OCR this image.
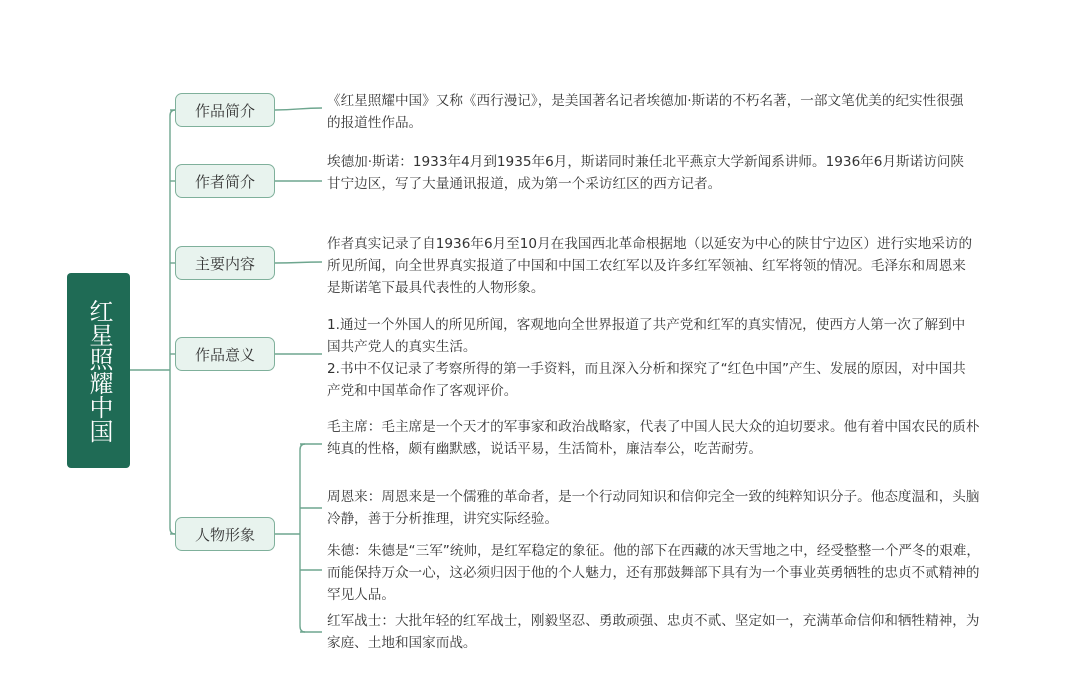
红星照耀中国
作品简介
作者简介
主要内容
作品意义
人物形象

《红星照耀中国》又称《西行漫记》，是美国著名记者埃德加·斯诺的不朽名著，一部文笔优美的纪实性很强的报道性作品。

埃德加·斯诺：1933年4月到1935年6月，斯诺同时兼任北平燕京大学新闻系讲师。1936年6月斯诺访问陕甘宁边区，写了大量通讯报道，成为第一个采访红区的西方记者。

作者真实记录了自1936年6月至10月在我国西北革命根据地（以延安为中心的陕甘宁边区）进行实地采访的所见所闻，向全世界真实报道了中国和中国工农红军以及许多红军领袖、红军将领的情况。毛泽东和周恩来是斯诺笔下最具代表性的人物形象。

1.通过一个外国人的所见所闻，客观地向全世界报道了共产党和红军的真实情况，使西方人第一次了解到中国共产党人的真实生活。

2.书中不仅记录了考察所得的第一手资料，而且深入分析和探究了“红色中国”产生、发展的原因，对中国共产党和中国革命作了客观评价。

毛主席：毛主席是一个天才的军事家和政治战略家，代表了中国人民大众的迫切要求。他有着中国农民的质朴纯真的性格，颇有幽默感，说话平易，生活简朴，廉洁奉公，吃苦耐劳。

周恩来：周恩来是一个儒雅的革命者，是一个行动同知识和信仰完全一致的纯粹知识分子。他态度温和，头脑冷静，善于分析推理，讲究实际经验。

朱德：朱德是“三军”统帅，是红军稳定的象征。他的部下在西藏的冰天雪地之中，经受整整一个严冬的艰难，而能保持万众一心，这必须归因于他的个人魅力，还有那鼓舞部下具有为一个事业英勇牺牲的忠贞不贰精神的罕见人品。

红军战士：大批年轻的红军战士，刚毅坚忍、勇敢顽强、忠贞不贰、坚定如一，充满革命信仰和牺牲精神，为家庭、土地和国家而战。
